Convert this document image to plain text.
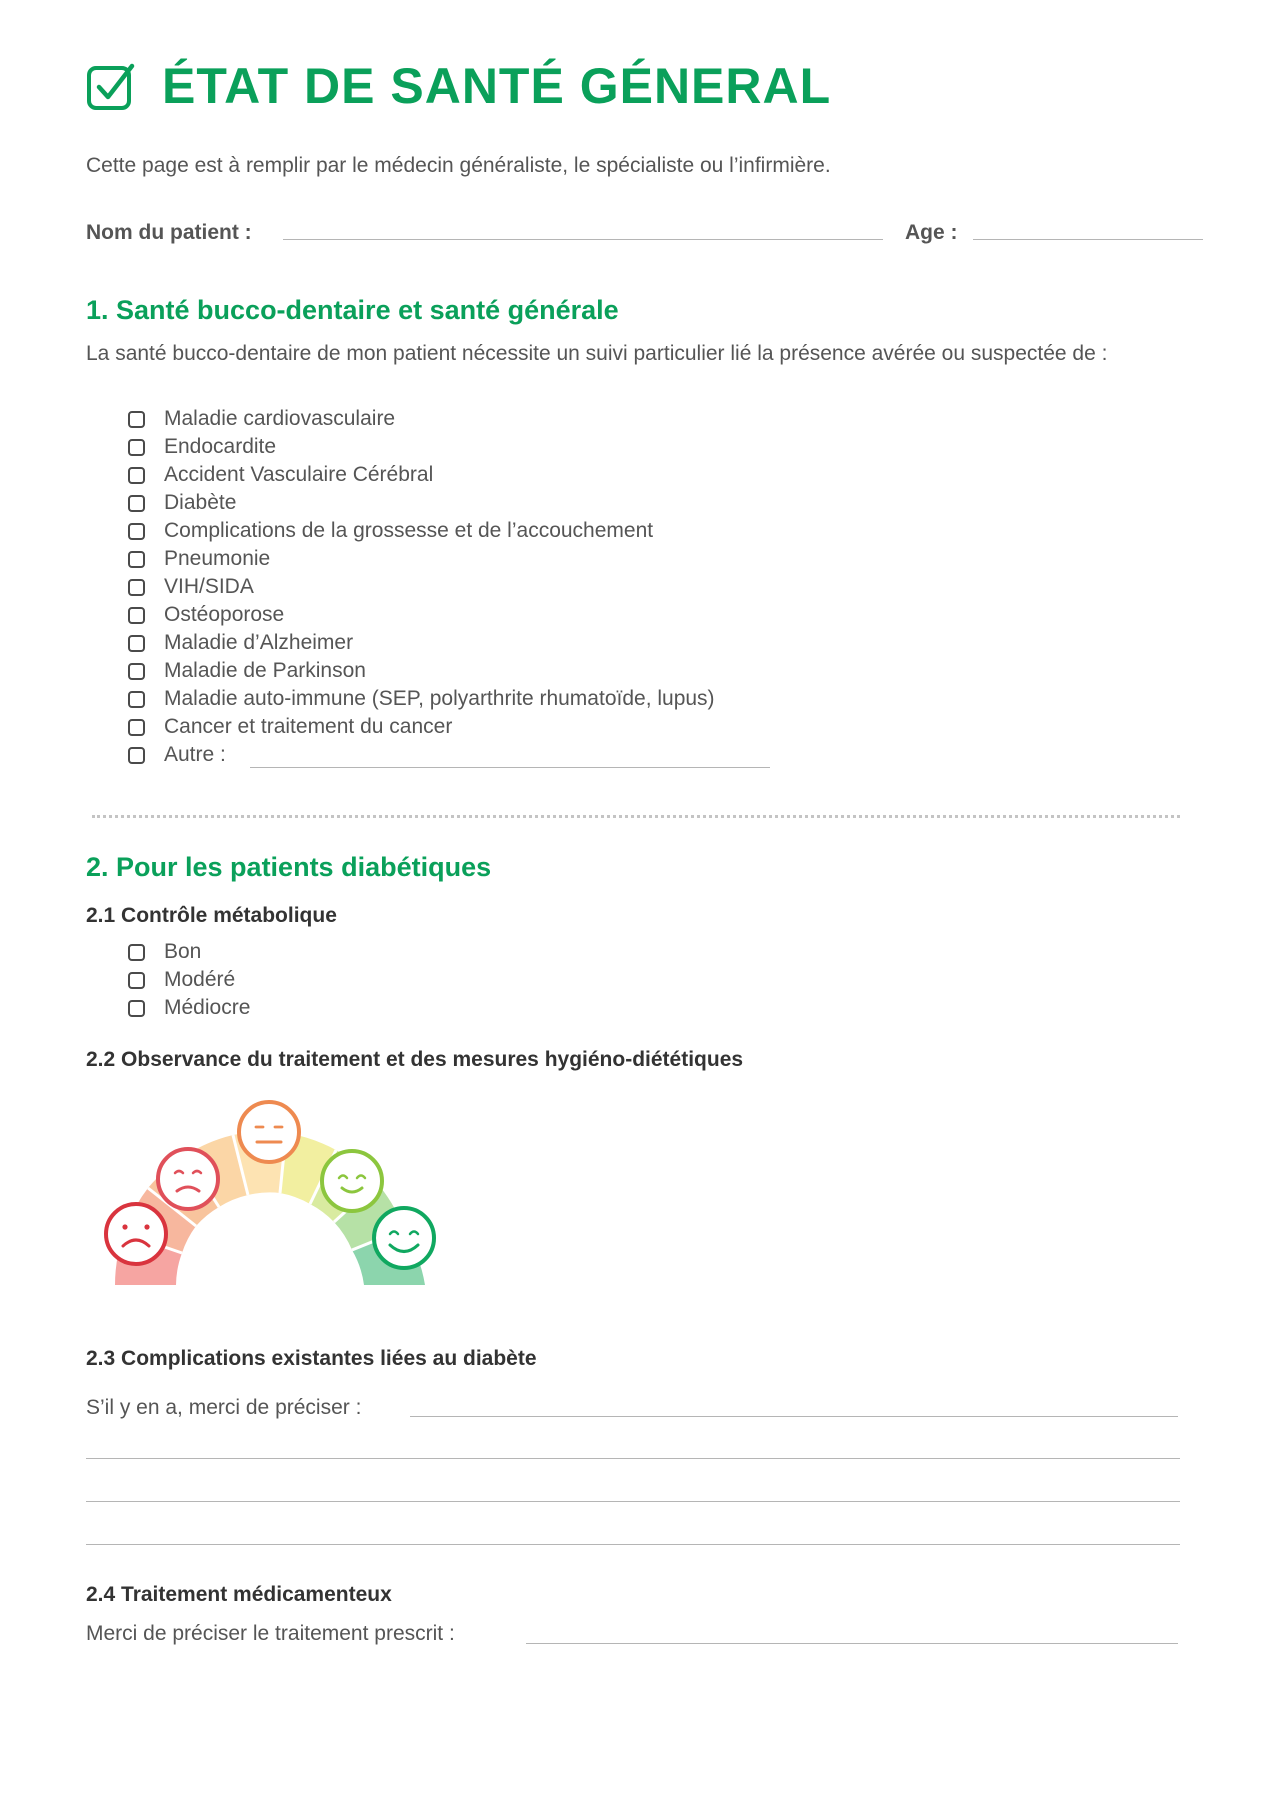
ÉTAT DE SANTÉ GÉNERAL
Cette page est à remplir par le médecin généraliste, le spécialiste ou l’infirmière.
Nom du patient :	Age :
1. Santé bucco-dentaire et santé générale
La santé bucco-dentaire de mon patient nécessite un suivi particulier lié la présence avérée ou suspectée de :
Maladie cardiovasculaire
Endocardite
Accident Vasculaire Cérébral
Diabète
Complications de la grossesse et de l’accouchement
Pneumonie
VIH/SIDA
Ostéoporose
Maladie d’Alzheimer
Maladie de Parkinson
Maladie auto-immune (SEP, polyarthrite rhumatoïde, lupus)
Cancer et traitement du cancer
Autre :
2. Pour les patients diabétiques
2.1 Contrôle métabolique
Bon
Modéré
Médiocre
2.2 Observance du traitement et des mesures hygiéno-diététiques
2.3 Complications existantes liées au diabète
S’il y en a, merci de préciser :
2.4 Traitement médicamenteux
Merci de préciser le traitement prescrit :
